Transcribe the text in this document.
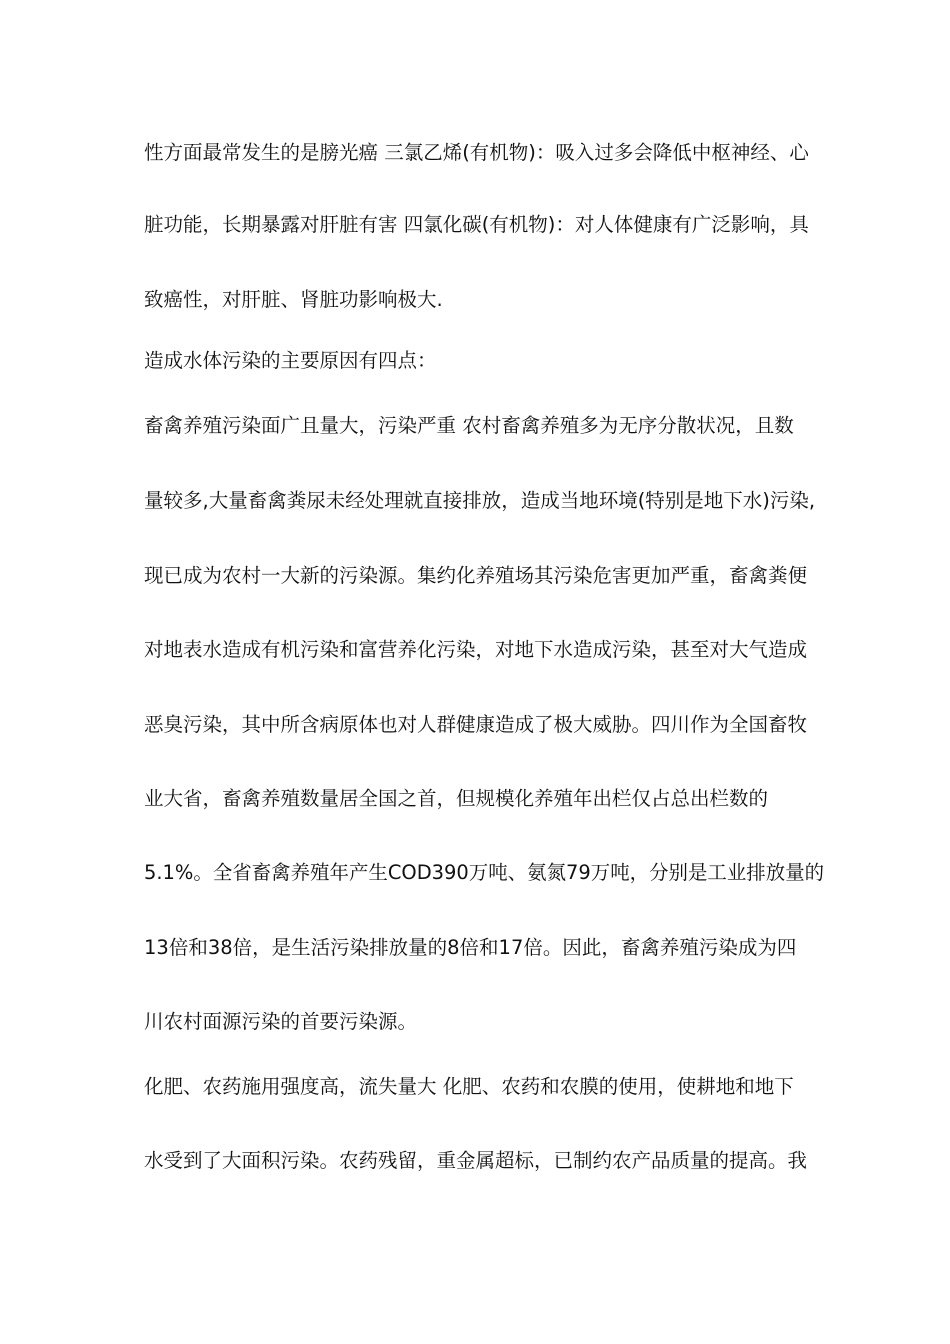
性方面最常发生的是膀光癌 三氯乙烯(有机物)：吸入过多会降低中枢神经、心
脏功能，长期暴露对肝脏有害 四氯化碳(有机物)：对人体健康有广泛影响，具
致癌性，对肝脏、肾脏功影响极大.
造成水体污染的主要原因有四点：
畜禽养殖污染面广且量大，污染严重 农村畜禽养殖多为无序分散状况，且数
量较多,大量畜禽粪尿未经处理就直接排放，造成当地环境(特别是地下水)污染,
现已成为农村一大新的污染源。集约化养殖场其污染危害更加严重，畜禽粪便
对地表水造成有机污染和富营养化污染，对地下水造成污染，甚至对大气造成
恶臭污染，其中所含病原体也对人群健康造成了极大威胁。四川作为全国畜牧
业大省，畜禽养殖数量居全国之首，但规模化养殖年出栏仅占总出栏数的
5.1%。全省畜禽养殖年产生COD390万吨、氨氮79万吨，分别是工业排放量的
13倍和38倍，是生活污染排放量的8倍和17倍。因此，畜禽养殖污染成为四
川农村面源污染的首要污染源。
化肥、农药施用强度高，流失量大 化肥、农药和农膜的使用，使耕地和地下
水受到了大面积污染。农药残留，重金属超标，已制约农产品质量的提高。我
